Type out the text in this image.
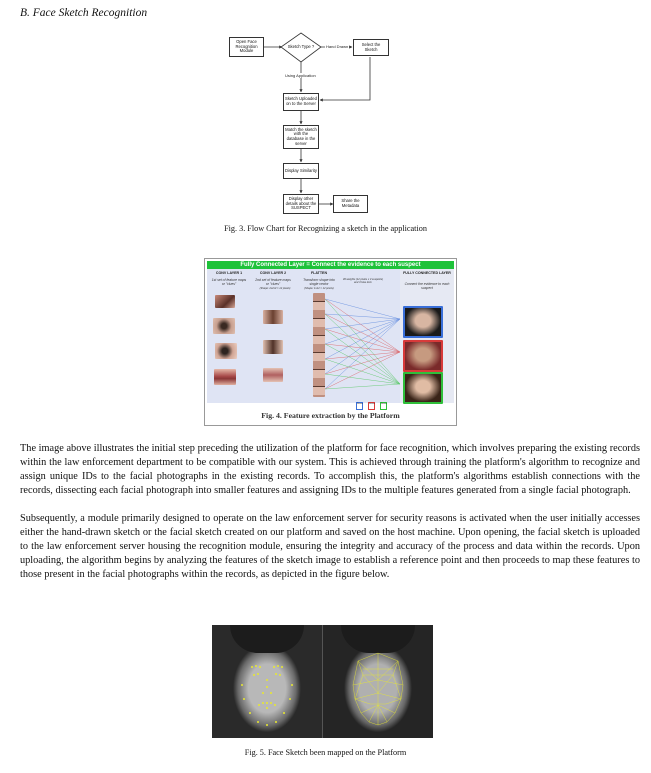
B. Face Sketch Recognition
Open Face Recognition Module
Sketch Type ?	Hand Drawn	Select the Sketch
Using Application
Sketch Uploaded on to the Server
Match the sketch with the database in the server
Display Similarity
Display other details about the SUSPECT
Share the Metadata
Fig. 3. Flow Chart for Recognizing a sketch in the application
Fully Connected Layer = Connect the evidence to each suspect
CONV LAYER 1	CONV LAYER 2	FLATTEN	FULLY CONNECTED LAYER
1st set of feature maps or "clues"
2nd set of feature maps or "clues"
Transform shape into single vector
36 weights (12 pixels x 3 suspects) and 3 bias term	Connect the evidence to each suspect
(Shape: 2x2x3 = 12 pixels)	(Shape: 1x12 = 12 pixels)
Score	Score	Score
Fig. 4. Feature extraction by the Platform

The image above illustrates the initial step preceding the utilization of the platform for face recognition, which involves preparing the existing records within the law enforcement department to be compatible with our system. This is achieved through training the platform's algorithm to recognize and assign unique IDs to the facial photographs in the existing records. To accomplish this, the platform's algorithms establish connections with the records, dissecting each facial photograph into smaller features and assigning IDs to the multiple features generated from a single facial photograph.

Subsequently, a module primarily designed to operate on the law enforcement server for security reasons is activated when the user initially accesses either the hand-drawn sketch or the facial sketch created on our platform and saved on the host machine. Upon opening, the facial sketch is uploaded to the law enforcement server housing the recognition module, ensuring the integrity and accuracy of the process and data within the records. Upon uploading, the algorithm begins by analyzing the features of the sketch image to establish a reference point and then proceeds to map these features to those present in the facial photographs within the records, as depicted in the figure below.

Fig. 5. Face Sketch been mapped on the Platform
